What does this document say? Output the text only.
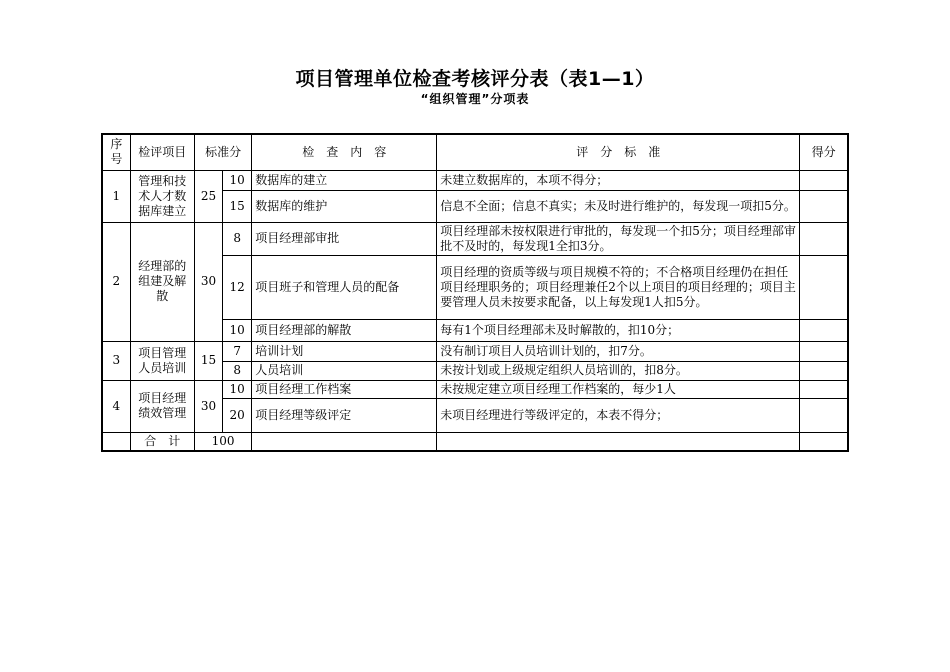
项目管理单位检查考核评分表（表1—1）
“组织管理”分项表
序号	检评项目	标准分		检　查　内　容	评　分　标　准	得分
1	管理和技术人才数据库建立	25	10	数据库的建立	未建立数据库的，本项不得分；	
			15	数据库的维护	信息不全面；信息不真实；未及时进行维护的，每发现一项扣5分。	
2	经理部的组建及解散	30	8	项目经理部审批	项目经理部未按权限进行审批的，每发现一个扣5分；项目经理部审批不及时的，每发现1全扣3分。	
			12	项目班子和管理人员的配备	项目经理的资质等级与项目规模不符的；不合格项目经理仍在担任项目经理职务的；项目经理兼任2个以上项目的项目经理的；项目主要管理人员未按要求配备，以上每发现1人扣5分。	
			10	项目经理部的解散	每有1个项目经理部未及时解散的，扣10分；	
3	项目管理人员培训	15	7	培训计划	没有制订项目人员培训计划的，扣7分。	
			8	人员培训	未按计划或上级规定组织人员培训的，扣8分。	
4	项目经理绩效管理	30	10	项目经理工作档案	未按规定建立项目经理工作档案的，每少1人	
			20	项目经理等级评定	未项目经理进行等级评定的，本表不得分；	
	合　计	100				
